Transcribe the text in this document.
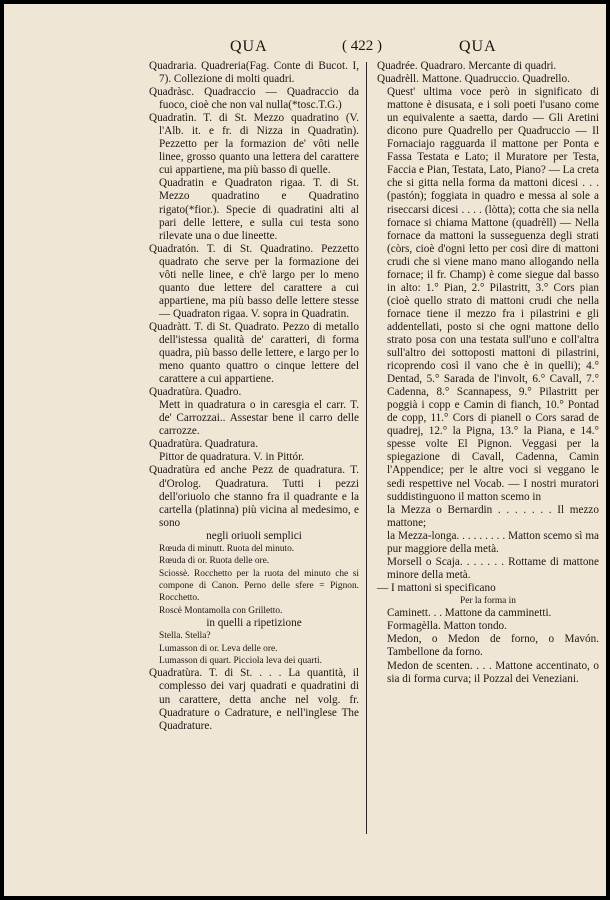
QUA	( 422 )	QUA

Quadraria. Quadreria(Fag. Conte di Bucot. I, 7). Collezione di molti quadri.

Quadràsc. Quadraccio — Quadraccio da fuoco, cioè che non val nulla(*tosc.T.G.)

Quadratìn. T. di St. Mezzo quadratino (V. l'Alb. it. e fr. di Nizza in Quadratìn). Pezzetto per la formazion de' vôti nelle linee, grosso quanto una lettera del carattere cui appartiene, ma più basso di quelle.

Quadratin e Quadraton rigaa. T. di St. Mezzo quadratino e Quadratino rigato(*fior.). Specie di quadratini alti al pari delle lettere, e sulla cui testa sono rilevate una o due lineette.

Quadratón. T. di St. Quadratino. Pezzetto quadrato che serve per la formazione dei vôti nelle linee, e ch'è largo per lo meno quanto due lettere del carattere a cui appartiene, ma più basso delle lettere stesse — Quadraton rigaa. V. sopra in Quadratin.

Quadràtt. T. di St. Quadrato. Pezzo di metallo dell'istessa qualità de' caratteri, di forma quadra, più basso delle lettere, e largo per lo meno quanto quattro o cinque lettere del carattere a cui appartiene.

Quadratùra. Quadro.

Mett in quadratura o in caresgia el carr. T. de' Carrozzai.. Assestar bene il carro delle carrozze.

Quadratùra. Quadratura.

Pittor de quadratura. V. in Pittór.

Quadratùra ed anche Pezz de quadratura. T. d'Orolog. Quadratura. Tutti i pezzi dell'oriuolo che stanno fra il quadrante e la cartella (platinna) più vicina al medesimo, e sono

negli oriuoli semplici

Rœuda di minutt. Ruota del minuto.

Rœuda di or. Ruota delle ore.

Sciossè. Rocchetto per la ruota del minuto che si compone di Canon. Perno delle sfere = Pignon. Rocchetto.

Roscè Montamolla con Grilletto.

in quelli a ripetizione

Stella. Stella?

Lumasson di or. Leva delle ore.

Lumasson di quart. Picciola leva dei quarti.

Quadratùra. T. di St. . . . La quantità, il complesso dei varj quadrati e quadratini di un carattere, detta anche nel volg. fr. Quadrature o Cadrature, e nell'inglese The Quadrature.

Quadrée. Quadraro. Mercante di quadri.

Quadrèll. Mattone. Quadruccio. Quadrello.

Quest' ultima voce però in significato di mattone è disusata, e i soli poeti l'usano come un equivalente a saetta, dardo — Gli Aretini dicono pure Quadrello per Quadruccio — Il Fornaciajo ragguarda il mattone per Ponta e Fassa Testata e Lato; il Muratore per Testa, Faccia e Pian, Testata, Lato, Piano? — La creta che si gitta nella forma da mattoni dicesi . . . (pastón); foggiata in quadro e messa al sole a riseccarsi dicesi . . . . (lòtta); cotta che sia nella fornace si chiama Mattone (quadrèll) — Nella fornace da mattoni la susseguenza degli strati (còrs, cioè d'ogni letto per così dire di mattoni crudi che si viene mano mano allogando nella fornace; il fr. Champ) è come siegue dal basso in alto: 1.° Pian, 2.° Pilastritt, 3.° Cors pian (cioè quello strato di mattoni crudi che nella fornace tiene il mezzo fra i pilastrini e gli addentellati, posto si che ogni mattone dello strato posa con una testata sull'uno e coll'altra sull'altro dei sottoposti mattoni di pilastrini, ricoprendo così il vano che è in quelli); 4.° Dentad, 5.° Sarada de l'involt, 6.° Cavall, 7.° Cadenna, 8.° Scannapess, 9.° Pilastritt per poggià i copp e Camin di fianch, 10.° Pontad de copp, 11.° Cors di pianell o Cors sarad de quadrej, 12.° la Pigna, 13.° la Piana, e 14.° spesse volte El Pignon. Veggasi per la spiegazione di Cavall, Cadenna, Camin l'Appendice; per le altre voci si veggano le sedi respettive nel Vocab. — I nostri muratori suddistinguono il matton scemo in

la Mezza o Bernardin . . . . . . . Il mezzo mattone;

la Mezza-longa. . . . . . . . . Matton scemo sì ma pur maggiore della metà.

Morsell o Scaja. . . . . . . Rottame di mattone minore della metà.

— I mattoni si specificano

Per la forma in

Caminett. . . Mattone da camminetti.

Formagèlla. Matton tondo.

Medon, o Medon de forno, o Mavón. Tambellone da forno.

Medon de scenten. . . . Mattone accentinato, o sia di forma curva; il Pozzal dei Veneziani.
